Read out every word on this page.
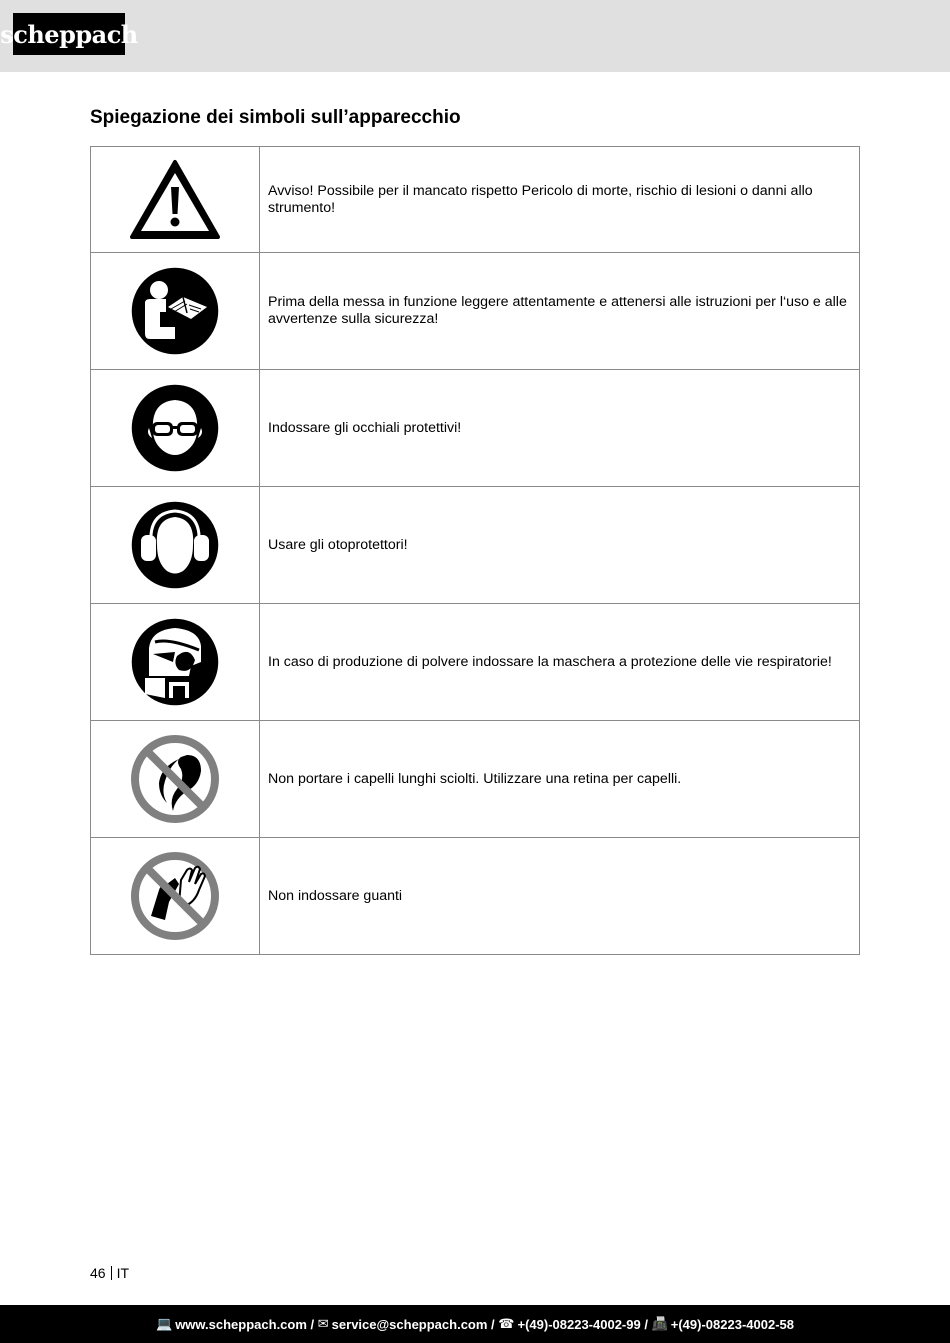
scheppach
Spiegazione dei simboli sull’apparecchio
	Avviso! Possibile per il mancato rispetto Pericolo di morte, rischio di lesioni o danni allo strumento!

	Prima della messa in funzione leggere attentamente e attenersi alle istruzioni per l‘uso e alle avvertenze sulla sicurezza!

	Indossare gli occhiali protettivi!

	Usare gli otoprotettori!

	In caso di produzione di polvere indossare la maschera a protezione delle vie respiratorie!

	Non portare i capelli lunghi sciolti. Utilizzare una retina per capelli.

	Non indossare guanti
46 IT
💻 www.scheppach.com / ✉ service@scheppach.com / ☎ +(49)-08223-4002-99 / 📠 +(49)-08223-4002-58
